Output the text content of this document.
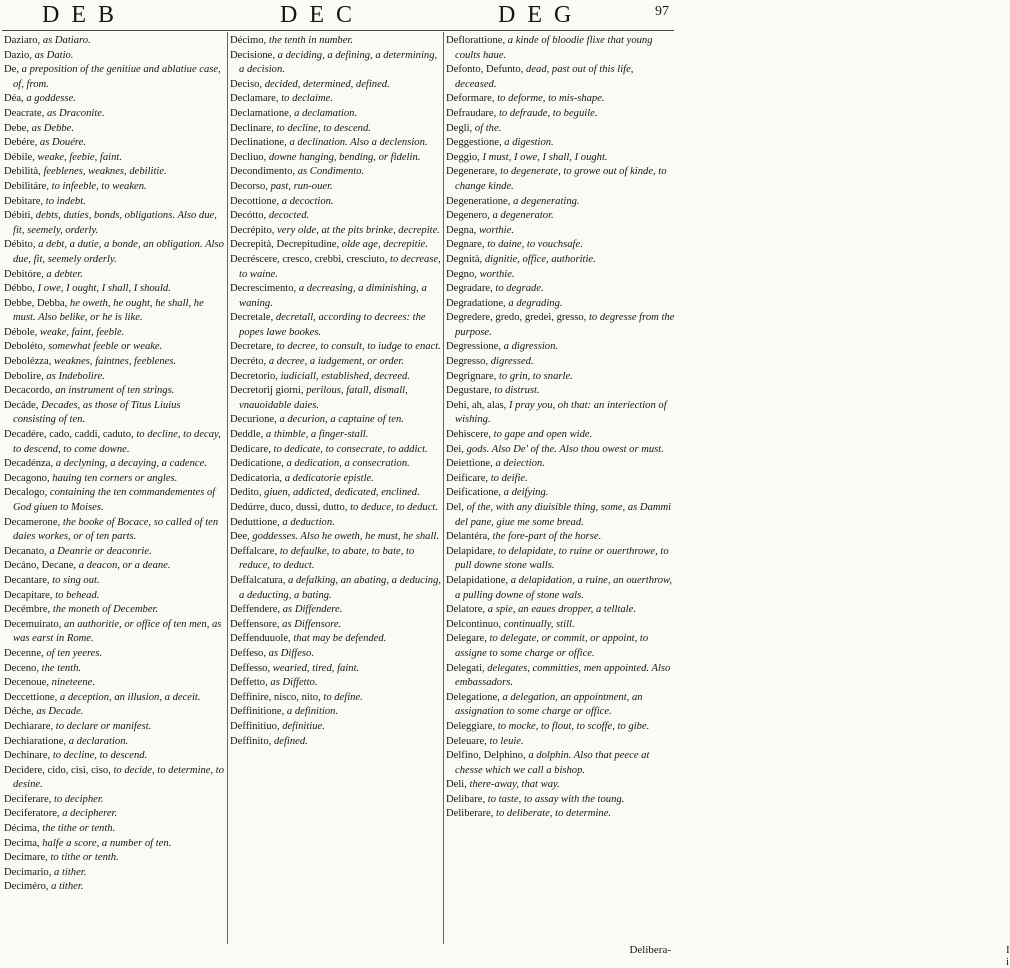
DEB	DEC	DEG	97

Daziaro, as Datiaro.

Dazio, as Datio.

De, a preposition of the genitiue and ablatiue case, of, from.

Déa, a goddesse.

Deacrate, as Draconite.

Debe, as Debbe.

Debére, as Douére.

Débile, weake, feebie, faint.

Debilità, feeblenes, weaknes, debilitie.

Debilitáre, to infeeble, to weaken.

Debitare, to indebt.

Débiti, debts, duties, bonds, obligations. Also due, fit, seemely, orderly.

Débito, a debt, a dutie, a bonde, an obligation. Also due, fit, seemely orderly.

Debitóre, a debter.

Débbo, I owe, I ought, I shall, I should.

Debbe, Debba, he oweth, he ought, he shall, he must. Also belike, or he is like.

Débole, weake, faint, feeble.

Deboléto, somewhat feeble or weake.

Debolézza, weaknes, faintnes, feeblenes.

Debolire, as Indebolire.

Decacordo, an instrument of ten strings.

Decáde, Decades, as those of Titus Liuius consisting of ten.

Decadére, cado, caddi, caduto, to decline, to decay, to descend, to come downe.

Decadénza, a declyning, a decaying, a cadence.

Decagono, hauing ten corners or angles.

Decalogo, containing the ten commandementes of God giuen to Moises.

Decamerone, the booke of Bocace, so called of ten daies workes, or of ten parts.

Decanato, a Deanrie or deaconrie.

Decáno, Decane, a deacon, or a deane.

Decantare, to sing out.

Decapitare, to behead.

Decémbre, the moneth of December.

Decemuirato, an authoritie, or office of ten men, as was earst in Rome.

Decenne, of ten yeeres.

Deceno, the tenth.

Decenoue, nineteene.

Deccettione, a deception, an illusion, a deceit.

Déche, as Decade.

Dechiarare, to declare or manifest.

Dechiaratione, a declaration.

Dechinare, to decline, to descend.

Decidere, cido, cisi, ciso, to decide, to determine, to desine.

Deciferare, to decipher.

Deciferatore, a decipherer.

Décima, the tithe or tenth.

Decima, halfe a score, a number of ten.

Decimare, to tithe or tenth.

Decimario, a tither.

Deciméro, a tither.

Décimo, the tenth in number.

Decisione, a deciding, a defining, a determining, a decision.

Deciso, decided, determined, defined.

Declamare, to declaime.

Declamatione, a declamation.

Declinare, to decline, to descend.

Declinatione, a declination. Also a declension.

Decliuo, downe hanging, bending, or fidelin.

Decondimento, as Condimento.

Decorso, past, run-ouer.

Decottione, a decoction.

Decótto, decocted.

Decrépito, very olde, at the pits brinke, decrepite.

Decrepità, Decrepitudine, olde age, decrepitie.

Decréscere, cresco, crebbi, cresciuto, to decrease, to waine.

Decrescimento, a decreasing, a diminishing, a waning.

Decretale, decretall, according to decrees: the popes lawe bookes.

Decretare, to decree, to consult, to iudge to enact.

Decréto, a decree, a iudgement, or order.

Decretorio, iudiciall, established, decreed.

Decretorij giorni, perilous, fatall, dismall, vnauoidable daies.

Decurione, a decurion, a captaine of ten.

Deddle, a thimble, a finger-stall.

Dedicare, to dedicate, to consecrate, to addict.

Dedicatione, a dedication, a consecration.

Dedicatoria, a dedicatorie epistle.

Dedito, giuen, addicted, dedicated, enclined.

Dedúrre, duco, dussi, dutto, to deduce, to deduct.

Deduttione, a deduction.

Dee, goddesses. Also he oweth, he must, he shall.

Deffalcare, to defaulke, to abate, to bate, to reduce, to deduct.

Deffalcatura, a defalking, an abating, a deducing, a deducting, a bating.

Deffendere, as Diffendere.

Deffensore, as Diffensore.

Deffenduuole, that may be defended.

Deffeso, as Diffeso.

Deffesso, wearied, tired, faint.

Deffetto, as Diffetto.

Deffinire, nisco, nito, to define.

Deffinitione, a definition.

Deffinitiuo, definitiue.

Deffinito, defined.

Deflorattione, a kinde of bloodie flixe that young coults haue.

Defonto, Defunto, dead, past out of this life, deceased.

Deformare, to deforme, to mis-shape.

Defraudare, to defraude, to beguile.

Degli, of the.

Deggestione, a digestion.

Deggio, I must, I owe, I shall, I ought.

Degenerare, to degenerate, to growe out of kinde, to change kinde.

Degeneratione, a degenerating.

Degenero, a degenerator.

Degna, worthie.

Degnare, to daine, to vouchsafe.

Degnità, dignitie, office, authoritie.

Degno, worthie.

Degradare, to degrade.

Degradatione, a degrading.

Degredere, gredo, gredei, gresso, to degresse from the purpose.

Degressione, a digression.

Degresso, digressed.

Degrignare, to grin, to snarle.

Degustare, to distrust.

Dehi, ah, alas, I pray you, oh that: an interiection of wishing.

Dehiscere, to gape and open wide.

Dei, gods. Also De' of the. Also thou owest or must.

Deiettione, a deiection.

Deificare, to deifie.

Deificatione, a deifying.

Del, of the, with any diuisible thing, some, as Dammi del pane, giue me some bread.

Delantéra, the fore-part of the horse.

Delapidare, to delapidate, to ruine or ouerthrowe, to pull downe stone walls.

Delapidatione, a delapidation, a ruine, an ouerthrow, a pulling downe of stone wals.

Delatore, a spie, an eaues dropper, a telltale.

Delcontinuo, continually, still.

Delegare, to delegate, or commit, or appoint, to assigne to some charge or office.

Delegati, delegates, committies, men appointed. Also embassadors.

Delegatione, a delegation, an appointment, an assignation to some charge or office.

Deleggiare, to mocke, to flout, to scoffe, to gibe.

Deleuare, to leuie.

Delfino, Delphino, a dolphin. Also that peece at chesse which we call a bishop.

Deli, there-away, that way.

Delibare, to taste, to assay with the toung.

Deliberare, to deliberate, to determine.

I i
Delibera-
